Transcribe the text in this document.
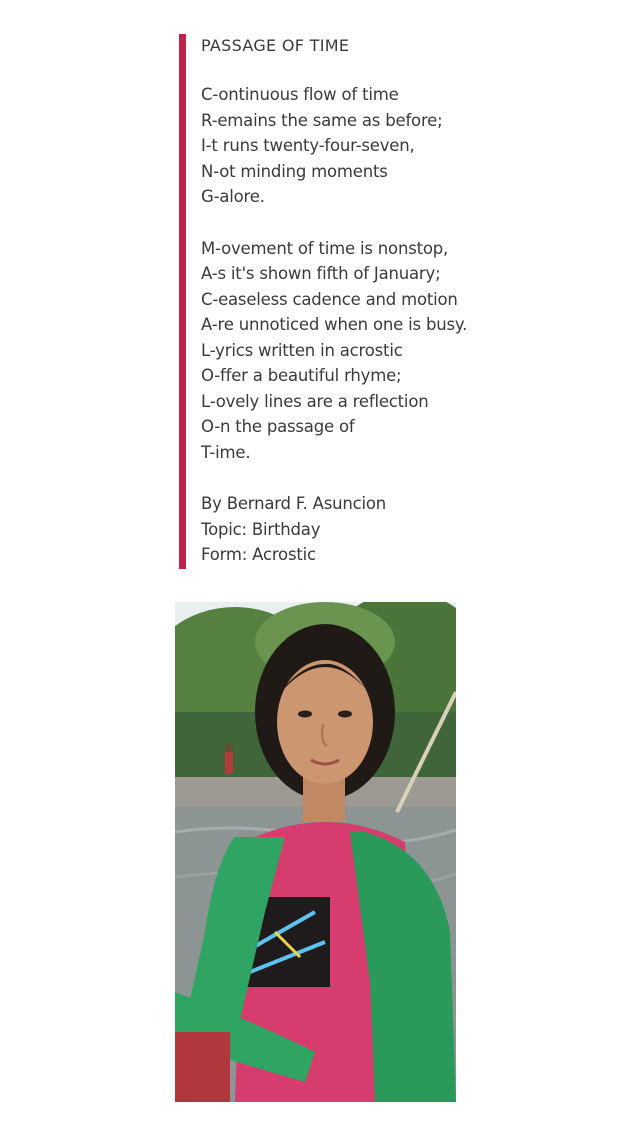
PASSAGE OF TIME
C-ontinuous flow of time
R-emains the same as before;
I-t runs twenty-four-seven,
N-ot minding moments
G-alore.
M-ovement of time is nonstop,
A-s it's shown fifth of January;
C-easeless cadence and motion
A-re unnoticed when one is busy.
L-yrics written in acrostic
O-ffer a beautiful rhyme;
L-ovely lines are a reflection
O-n the passage of
T-ime.
By Bernard F. Asuncion
Topic: Birthday
Form: Acrostic
